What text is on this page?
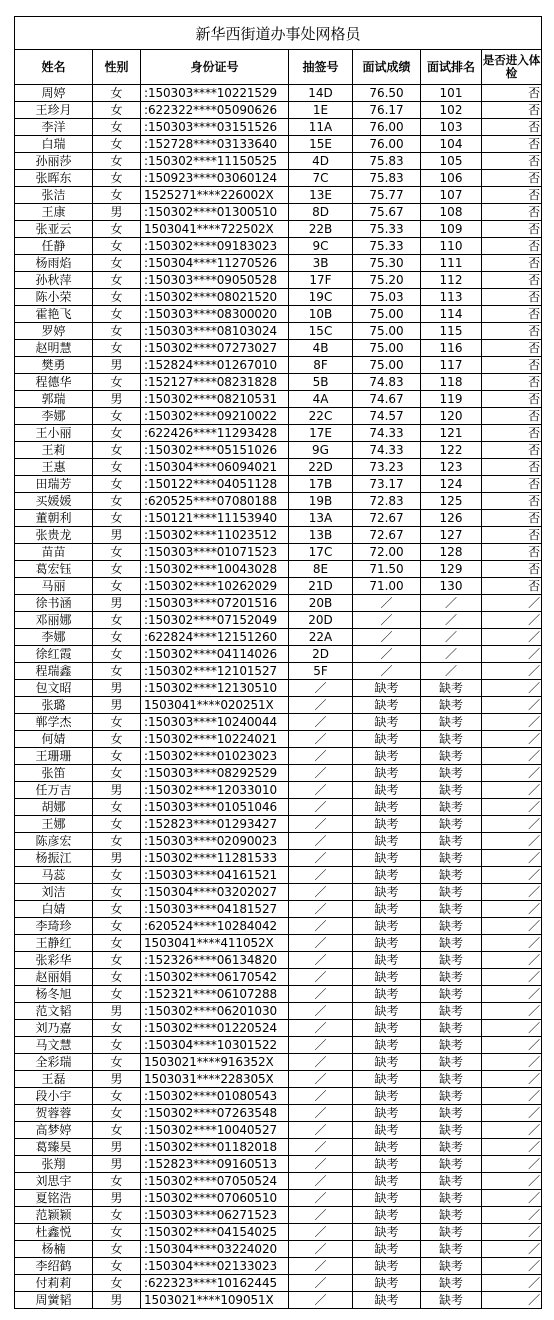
新华西街道办事处网格员						
姓名	性别	身份证号	抽签号	面试成绩	面试排名	是否进入体检
周婷	女	:150303****10221529	14D	76.50	101	否
王珍月	女	:622322****05090626	1E	76.17	102	否
李洋	女	:150303****03151526	11A	76.00	103	否
白瑞	女	:152728****03133640	15E	76.00	104	否
孙丽莎	女	:150302****11150525	4D	75.83	105	否
张晖东	女	:150923****03060124	7C	75.83	106	否
张洁	女	1525271****226002X	13E	75.77	107	否
王康	男	:150302****01300510	8D	75.67	108	否
张亚云	女	1503041****722502X	22B	75.33	109	否
任静	女	:150302****09183023	9C	75.33	110	否
杨雨焰	女	:150304****11270526	3B	75.30	111	否
孙秋萍	女	:150303****09050528	17F	75.20	112	否
陈小荣	女	:150302****08021520	19C	75.03	113	否
霍艳飞	女	:150303****08300020	10B	75.00	114	否
罗婷	女	:150303****08103024	15C	75.00	115	否
赵明慧	女	:150302****07273027	4B	75.00	116	否
樊勇	男	:152824****01267010	8F	75.00	117	否
程德华	女	:152127****08231828	5B	74.83	118	否
郭瑞	男	:150302****08210531	4A	74.67	119	否
李娜	女	:150302****09210022	22C	74.57	120	否
王小丽	女	:622426****11293428	17E	74.33	121	否
王莉	女	:150302****05151026	9G	74.33	122	否
王惠	女	:150304****06094021	22D	73.23	123	否
田瑞芳	女	:150122****04051128	17B	73.17	124	否
买媛媛	女	:620525****07080188	19B	72.83	125	否
董朝利	女	:150121****11153940	13A	72.67	126	否
张贵龙	男	:150302****11023512	13B	72.67	127	否
苗苗	女	:150303****01071523	17C	72.00	128	否
葛宏钰	女	:150302****10043028	8E	71.50	129	否
马丽	女	:150302****10262029	21D	71.00	130	否
徐书涵	男	:150303****07201516	20B	／	／	／
邓丽娜	女	:150302****07152049	20D	／	／	／
李娜	女	:622824****12151260	22A	／	／	／
徐红霞	女	:150302****04114026	2D	／	／	／
程瑞鑫	女	:150302****12101527	5F	／	／	／
包文昭	男	:150302****12130510	／	缺考	缺考	／
张璐	男	1503041****020251X	／	缺考	缺考	／
郸学杰	女	:150303****10240044	／	缺考	缺考	／
何婧	女	:150302****10224021	／	缺考	缺考	／
王珊珊	女	:150302****01023023	／	缺考	缺考	／
张笛	女	:150303****08292529	／	缺考	缺考	／
任万吉	男	:150302****12033010	／	缺考	缺考	／
胡娜	女	:150303****01051046	／	缺考	缺考	／
王娜	女	:152823****01293427	／	缺考	缺考	／
陈彦宏	女	:150303****02090023	／	缺考	缺考	／
杨振江	男	:150302****11281533	／	缺考	缺考	／
马蕊	女	:150303****04161521	／	缺考	缺考	／
刘洁	女	:150304****03202027	／	缺考	缺考	／
白婧	女	:150303****04181527	／	缺考	缺考	／
李琦珍	女	:620524****10284042	／	缺考	缺考	／
王静红	女	1503041****411052X	／	缺考	缺考	／
张彩华	女	:152326****06134820	／	缺考	缺考	／
赵丽娟	女	:150302****06170542	／	缺考	缺考	／
杨冬旭	女	:152321****06107288	／	缺考	缺考	／
范文韬	男	:150302****06201030	／	缺考	缺考	／
刘乃嘉	女	:150302****01220524	／	缺考	缺考	／
马文慧	女	:150304****10301522	／	缺考	缺考	／
全彩瑞	女	1503021****916352X	／	缺考	缺考	／
王磊	男	1503031****228305X	／	缺考	缺考	／
段小宇	女	:150302****01080543	／	缺考	缺考	／
贺蓉蓉	女	:150302****07263548	／	缺考	缺考	／
高梦婷	女	:150302****10040527	／	缺考	缺考	／
葛臻昊	男	:150302****01182018	／	缺考	缺考	／
张翔	男	:152823****09160513	／	缺考	缺考	／
刘思宇	女	:150302****07050524	／	缺考	缺考	／
夏铭浩	男	:150302****07060510	／	缺考	缺考	／
范颖颖	女	:150303****06271523	／	缺考	缺考	／
杜鑫悦	女	:150302****04154025	／	缺考	缺考	／
杨楠	女	:150304****03224020	／	缺考	缺考	／
李绍鹤	女	:150304****02133023	／	缺考	缺考	／
付莉莉	女	:622323****10162445	／	缺考	缺考	／
周黉韬	男	1503021****109051X	／	缺考	缺考	／
